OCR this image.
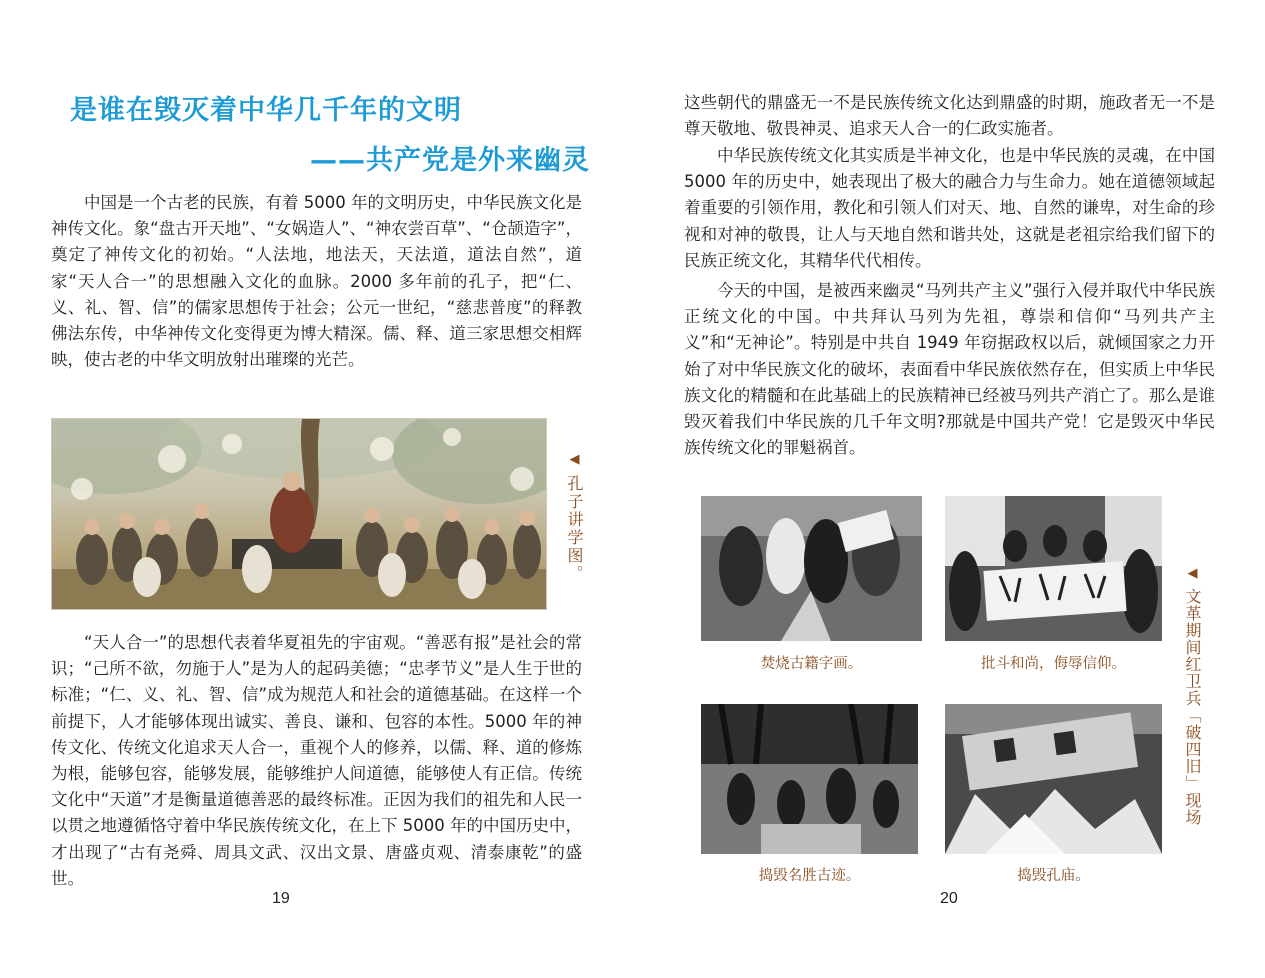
是谁在毁灭着中华几千年的文明
——共产党是外来幽灵

中国是一个古老的民族，有着 5000 年的文明历史，中华民族文化是神传文化。象“盘古开天地”、“女娲造人”、“神农尝百草”、“仓颉造字”，奠定了神传文化的初始。“人法地，地法天，天法道，道法自然”，道家“天人合一”的思想融入文化的血脉。2000 多年前的孔子，把“仁、义、礼、智、信”的儒家思想传于社会；公元一世纪，“慈悲普度”的释教佛法东传，中华神传文化变得更为博大精深。儒、释、道三家思想交相辉映，使古老的中华文明放射出璀璨的光芒。

◀孔子讲学图。

“天人合一”的思想代表着华夏祖先的宇宙观。“善恶有报”是社会的常识；“己所不欲，勿施于人”是为人的起码美德；“忠孝节义”是人生于世的标准；“仁、义、礼、智、信”成为规范人和社会的道德基础。在这样一个前提下，人才能够体现出诚实、善良、谦和、包容的本性。5000 年的神传文化、传统文化追求天人合一，重视个人的修养，以儒、释、道的修炼为根，能够包容，能够发展，能够维护人间道德，能够使人有正信。传统文化中“天道”才是衡量道德善恶的最终标准。正因为我们的祖先和人民一以贯之地遵循恪守着中华民族传统文化，在上下 5000 年的中国历史中，才出现了“古有尧舜、周具文武、汉出文景、唐盛贞观、清泰康乾”的盛世。

19

这些朝代的鼎盛无一不是民族传统文化达到鼎盛的时期，施政者无一不是尊天敬地、敬畏神灵、追求天人合一的仁政实施者。

中华民族传统文化其实质是半神文化，也是中华民族的灵魂，在中国 5000 年的历史中，她表现出了极大的融合力与生命力。她在道德领域起着重要的引领作用，教化和引领人们对天、地、自然的谦卑，对生命的珍视和对神的敬畏，让人与天地自然和谐共处，这就是老祖宗给我们留下的民族正统文化，其精华代代相传。

今天的中国，是被西来幽灵“马列共产主义”强行入侵并取代中华民族正统文化的中国。中共拜认马列为先祖，尊崇和信仰“马列共产主义”和“无神论”。特别是中共自 1949 年窃据政权以后，就倾国家之力开始了对中华民族文化的破坏，表面看中华民族依然存在，但实质上中华民族文化的精髓和在此基础上的民族精神已经被马列共产消亡了。那么是谁毁灭着我们中华民族的几千年文明?那就是中国共产党！它是毁灭中华民族传统文化的罪魁祸首。

焚烧古籍字画。	批斗和尚，侮辱信仰。
捣毁名胜古迹。	捣毁孔庙。
◀文革期间红卫兵「破四旧」现场
20
